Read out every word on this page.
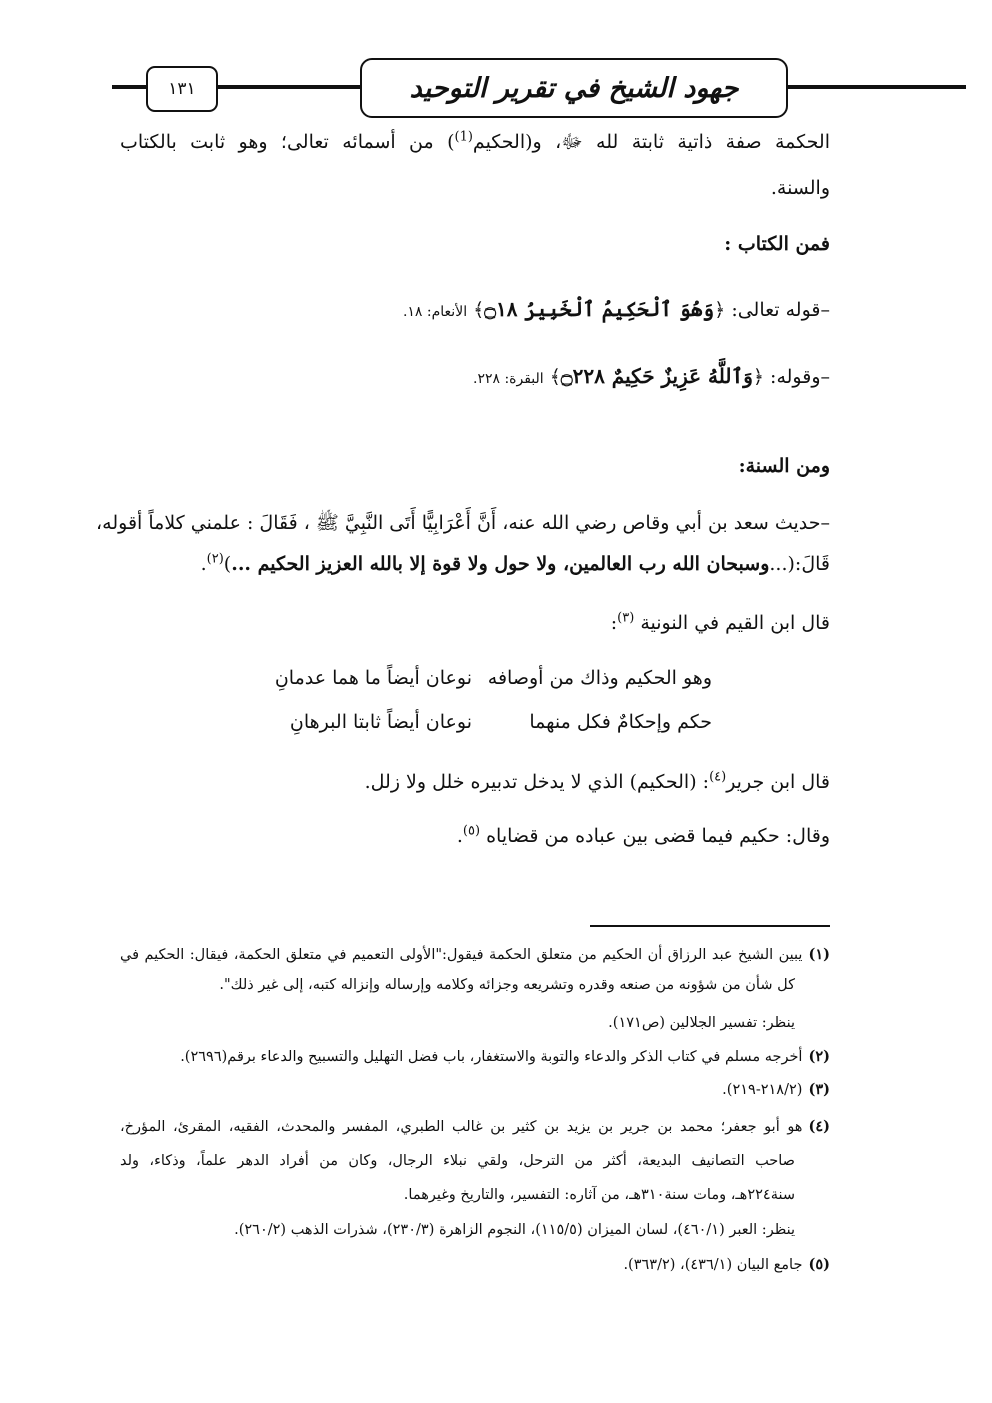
١٣١	جهود الشيخ في تقرير التوحيد
الحكمة صفة ذاتية ثابتة لله ﷻ، و(الحكيم$^{(1)}$) من أسمائه تعالى؛ وهو ثابت بالكتاب
والسنة.
فمن الكتاب :
–قوله تعالى: ﴿وَهُوَ ٱلْحَكِيمُ ٱلْخَبِيرُ ۝١٨﴾ الأنعام: ١٨.
–وقوله: ﴿وَٱللَّهُ عَزِيزٌ حَكِيمٌ ۝٢٢٨﴾ البقرة: ٢٢٨.
ومن السنة:
–حديث سعد بن أبي وقاص رضي الله عنه، أَنَّ أَعْرَابِيًّا أَتَى النَّبِيَّ ﷺ ، فَقَالَ : علمني كلاماً أقوله،
قَالَ:(...وسبحان الله رب العالمين، ولا حول ولا قوة إلا بالله العزيز الحكيم ...)$^{(٢)}$.
قال ابن القيم في النونية $^{(٣)}$:
وهو الحكيم وذاك من أوصافه
نوعان أيضاً ما هما عدمانِ
حكم وإحكامٌ فكل منهما
نوعان أيضاً ثابتا البرهانِ
قال ابن جرير$^{(٤)}$: (الحكيم) الذي لا يدخل تدبيره خلل ولا زلل.
وقال: حكيم فيما قضى بين عباده من قضاياه $^{(٥)}$.
(١)يبين الشيخ عبد الرزاق أن الحكيم من متعلق الحكمة فيقول:"الأولى التعميم في متعلق الحكمة، فيقال: الحكيم في
كل شأن من شؤونه من صنعه وقدره وتشريعه وجزائه وكلامه وإرساله وإنزاله كتبه، إلى غير ذلك".
ينظر: تفسير الجلالين (ص١٧١).
(٢)أخرجه مسلم في كتاب الذكر والدعاء والتوبة والاستغفار، باب فضل التهليل والتسبيح والدعاء برقم(٢٦٩٦).
(٣)(٢١٨/٢-٢١٩).
(٤)هو أبو جعفر؛ محمد بن جرير بن يزيد بن كثير بن غالب الطبري، المفسر والمحدث، الفقيه، المقرئ، المؤرخ،
صاحب التصانيف البديعة، أكثر من الترحل، ولقي نبلاء الرجال، وكان من أفراد الدهر علماً، وذكاء، ولد
سنة٢٢٤هـ، ومات سنة٣١٠هـ، من آثاره: التفسير، والتاريخ وغيرهما.
ينظر: العبر (٤٦٠/١)، لسان الميزان (١١٥/٥)، النجوم الزاهرة (٢٣٠/٣)، شذرات الذهب (٢٦٠/٢).
(٥)جامع البيان (٤٣٦/١)، (٣٦٣/٢).
